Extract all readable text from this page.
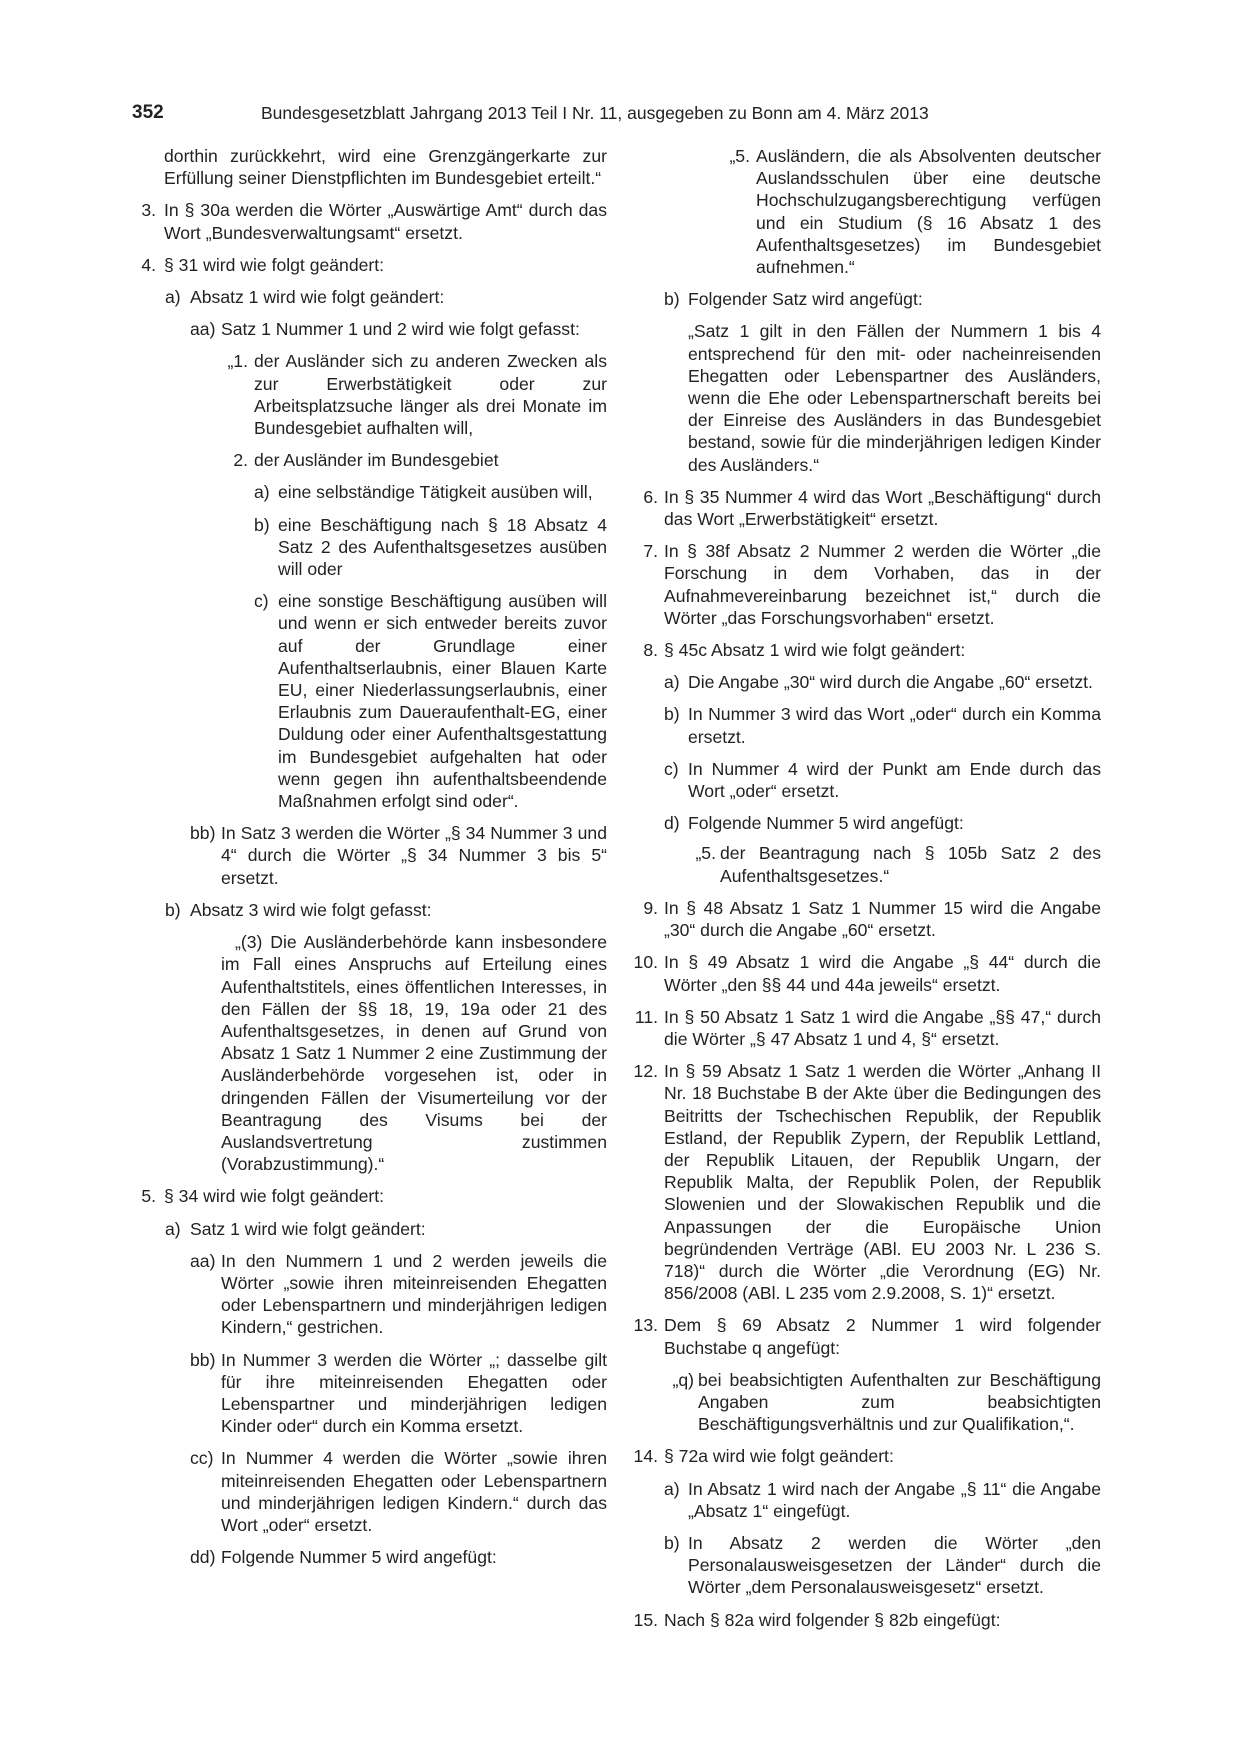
352	Bundesgesetzblatt Jahrgang 2013 Teil I Nr. 11, ausgegeben zu Bonn am 4. März 2013
dorthin zurückkehrt, wird eine Grenzgängerkarte zur Erfüllung seiner Dienstpflichten im Bundesgebiet erteilt.“
3. In § 30a werden die Wörter „Auswärtige Amt“ durch das Wort „Bundesverwaltungsamt“ ersetzt.
4. § 31 wird wie folgt geändert:
a) Absatz 1 wird wie folgt geändert:
aa) Satz 1 Nummer 1 und 2 wird wie folgt gefasst:
„1. der Ausländer sich zu anderen Zwecken als zur Erwerbstätigkeit oder zur Arbeitsplatzsuche länger als drei Monate im Bundesgebiet aufhalten will,
2. der Ausländer im Bundesgebiet
a) eine selbständige Tätigkeit ausüben will,
b) eine Beschäftigung nach § 18 Absatz 4 Satz 2 des Aufenthaltsgesetzes ausüben will oder
c) eine sonstige Beschäftigung ausüben will und wenn er sich entweder bereits zuvor auf der Grundlage einer Aufenthaltserlaubnis, einer Blauen Karte EU, einer Niederlassungserlaubnis, einer Erlaubnis zum Daueraufenthalt-EG, einer Duldung oder einer Aufenthaltsgestattung im Bundesgebiet aufgehalten hat oder wenn gegen ihn aufenthaltsbeendende Maßnahmen erfolgt sind oder“.
bb) In Satz 3 werden die Wörter „§ 34 Nummer 3 und 4“ durch die Wörter „§ 34 Nummer 3 bis 5“ ersetzt.
b) Absatz 3 wird wie folgt gefasst:
„(3) Die Ausländerbehörde kann insbesondere im Fall eines Anspruchs auf Erteilung eines Aufenthaltstitels, eines öffentlichen Interesses, in den Fällen der §§ 18, 19, 19a oder 21 des Aufenthaltsgesetzes, in denen auf Grund von Absatz 1 Satz 1 Nummer 2 eine Zustimmung der Ausländerbehörde vorgesehen ist, oder in dringenden Fällen der Visumerteilung vor der Beantragung des Visums bei der Auslandsvertretung zustimmen (Vorabzustimmung).“
5. § 34 wird wie folgt geändert:
a) Satz 1 wird wie folgt geändert:
aa) In den Nummern 1 und 2 werden jeweils die Wörter „sowie ihren miteinreisenden Ehegatten oder Lebenspartnern und minderjährigen ledigen Kindern,“ gestrichen.
bb) In Nummer 3 werden die Wörter „; dasselbe gilt für ihre miteinreisenden Ehegatten oder Lebenspartner und minderjährigen ledigen Kinder oder“ durch ein Komma ersetzt.
cc) In Nummer 4 werden die Wörter „sowie ihren miteinreisenden Ehegatten oder Lebenspartnern und minderjährigen ledigen Kindern.“ durch das Wort „oder“ ersetzt.
dd) Folgende Nummer 5 wird angefügt:
„5. Ausländern, die als Absolventen deutscher Auslandsschulen über eine deutsche Hochschulzugangsberechtigung verfügen und ein Studium (§ 16 Absatz 1 des Aufenthaltsgesetzes) im Bundesgebiet aufnehmen.“
b) Folgender Satz wird angefügt:
„Satz 1 gilt in den Fällen der Nummern 1 bis 4 entsprechend für den mit- oder nacheinreisenden Ehegatten oder Lebenspartner des Ausländers, wenn die Ehe oder Lebenspartnerschaft bereits bei der Einreise des Ausländers in das Bundesgebiet bestand, sowie für die minderjährigen ledigen Kinder des Ausländers.“
6. In § 35 Nummer 4 wird das Wort „Beschäftigung“ durch das Wort „Erwerbstätigkeit“ ersetzt.
7. In § 38f Absatz 2 Nummer 2 werden die Wörter „die Forschung in dem Vorhaben, das in der Aufnahmevereinbarung bezeichnet ist,“ durch die Wörter „das Forschungsvorhaben“ ersetzt.
8. § 45c Absatz 1 wird wie folgt geändert:
a) Die Angabe „30“ wird durch die Angabe „60“ ersetzt.
b) In Nummer 3 wird das Wort „oder“ durch ein Komma ersetzt.
c) In Nummer 4 wird der Punkt am Ende durch das Wort „oder“ ersetzt.
d) Folgende Nummer 5 wird angefügt:
„5. der Beantragung nach § 105b Satz 2 des Aufenthaltsgesetzes.“
9. In § 48 Absatz 1 Satz 1 Nummer 15 wird die Angabe „30“ durch die Angabe „60“ ersetzt.
10. In § 49 Absatz 1 wird die Angabe „§ 44“ durch die Wörter „den §§ 44 und 44a jeweils“ ersetzt.
11. In § 50 Absatz 1 Satz 1 wird die Angabe „§§ 47,“ durch die Wörter „§ 47 Absatz 1 und 4, §“ ersetzt.
12. In § 59 Absatz 1 Satz 1 werden die Wörter „Anhang II Nr. 18 Buchstabe B der Akte über die Bedingungen des Beitritts der Tschechischen Republik, der Republik Estland, der Republik Zypern, der Republik Lettland, der Republik Litauen, der Republik Ungarn, der Republik Malta, der Republik Polen, der Republik Slowenien und der Slowakischen Republik und die Anpassungen der die Europäische Union begründenden Verträge (ABl. EU 2003 Nr. L 236 S. 718)“ durch die Wörter „die Verordnung (EG) Nr. 856/2008 (ABl. L 235 vom 2.9.2008, S. 1)“ ersetzt.
13. Dem § 69 Absatz 2 Nummer 1 wird folgender Buchstabe q angefügt:
„q) bei beabsichtigten Aufenthalten zur Beschäftigung Angaben zum beabsichtigten Beschäftigungsverhältnis und zur Qualifikation,“.
14. § 72a wird wie folgt geändert:
a) In Absatz 1 wird nach der Angabe „§ 11“ die Angabe „Absatz 1“ eingefügt.
b) In Absatz 2 werden die Wörter „den Personalausweisgesetzen der Länder“ durch die Wörter „dem Personalausweisgesetz“ ersetzt.
15. Nach § 82a wird folgender § 82b eingefügt:
